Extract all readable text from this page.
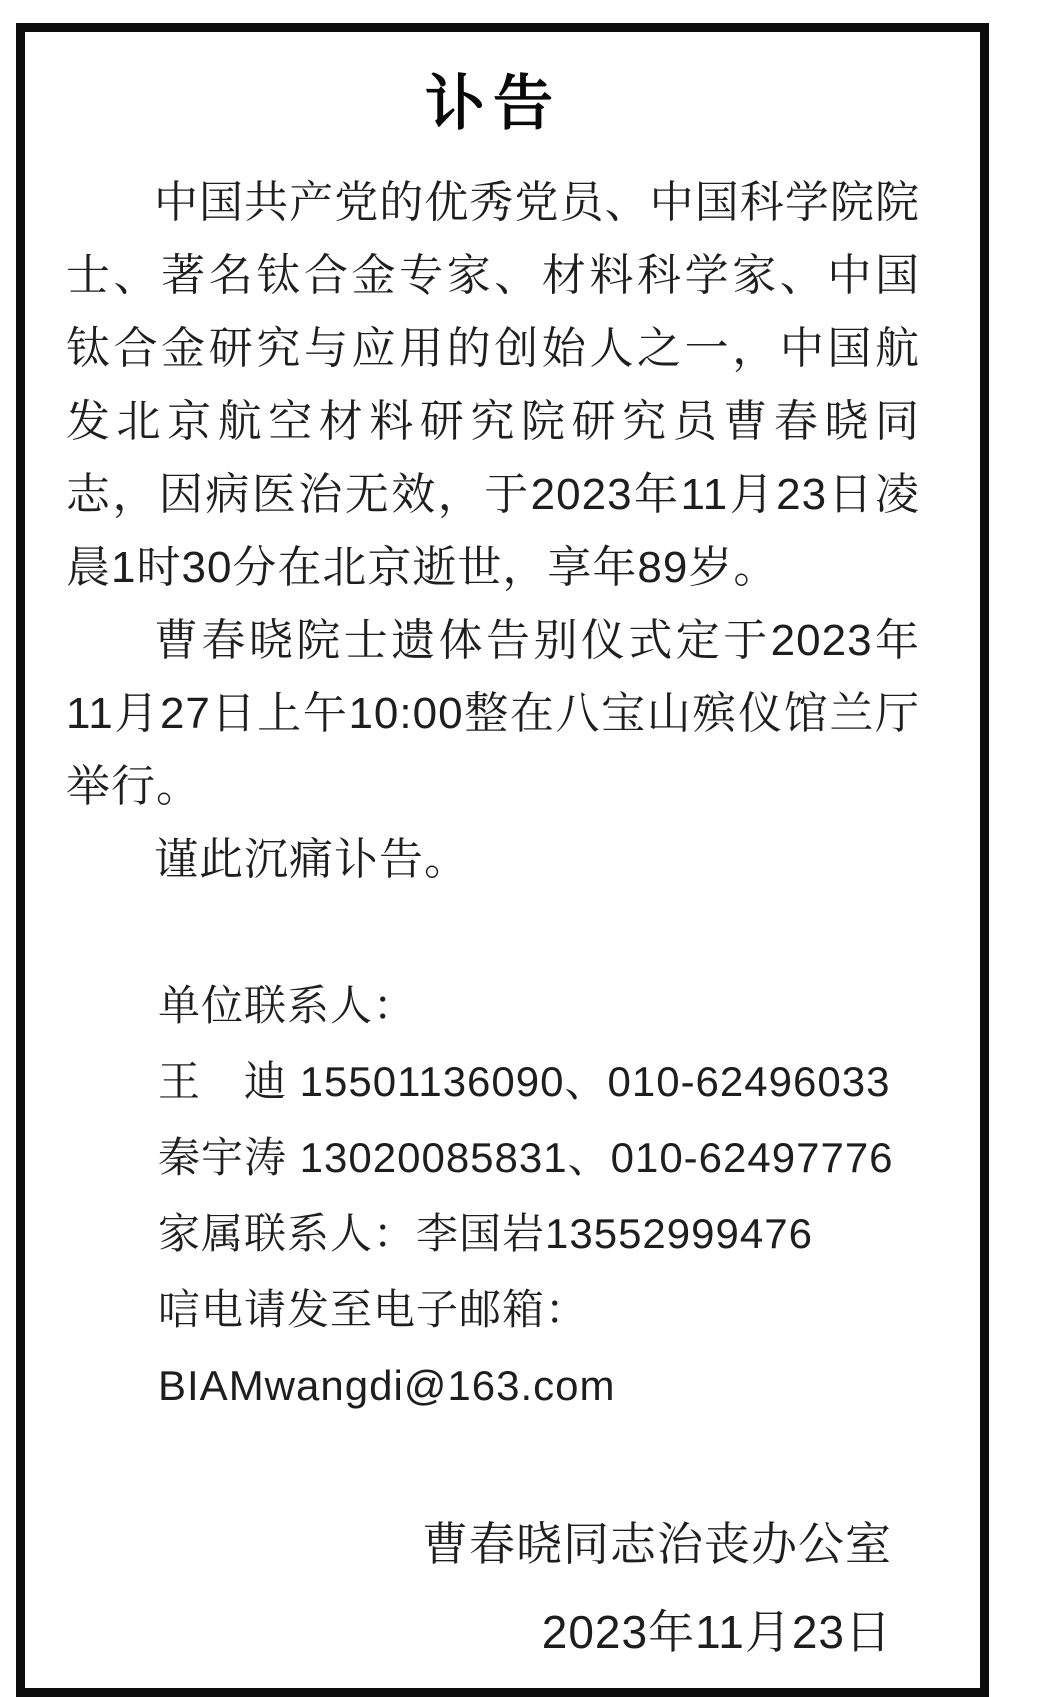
讣告

中国共产党的优秀党员、中国科学院院士、著名钛合金专家、材料科学家、中国钛合金研究与应用的创始人之一，中国航发北京航空材料研究院研究员曹春晓同志，因病医治无效，于2023年11月23日凌晨1时30分在北京逝世，享年89岁。

曹春晓院士遗体告别仪式定于2023年11月27日上午10:00整在八宝山殡仪馆兰厅举行。

谨此沉痛讣告。

单位联系人：

王　迪 15501136090、010-62496033

秦宇涛 13020085831、010-62497776

家属联系人：李国岩13552999476

唁电请发至电子邮箱：

BIAMwangdi@163.com

曹春晓同志治丧办公室

2023年11月23日
